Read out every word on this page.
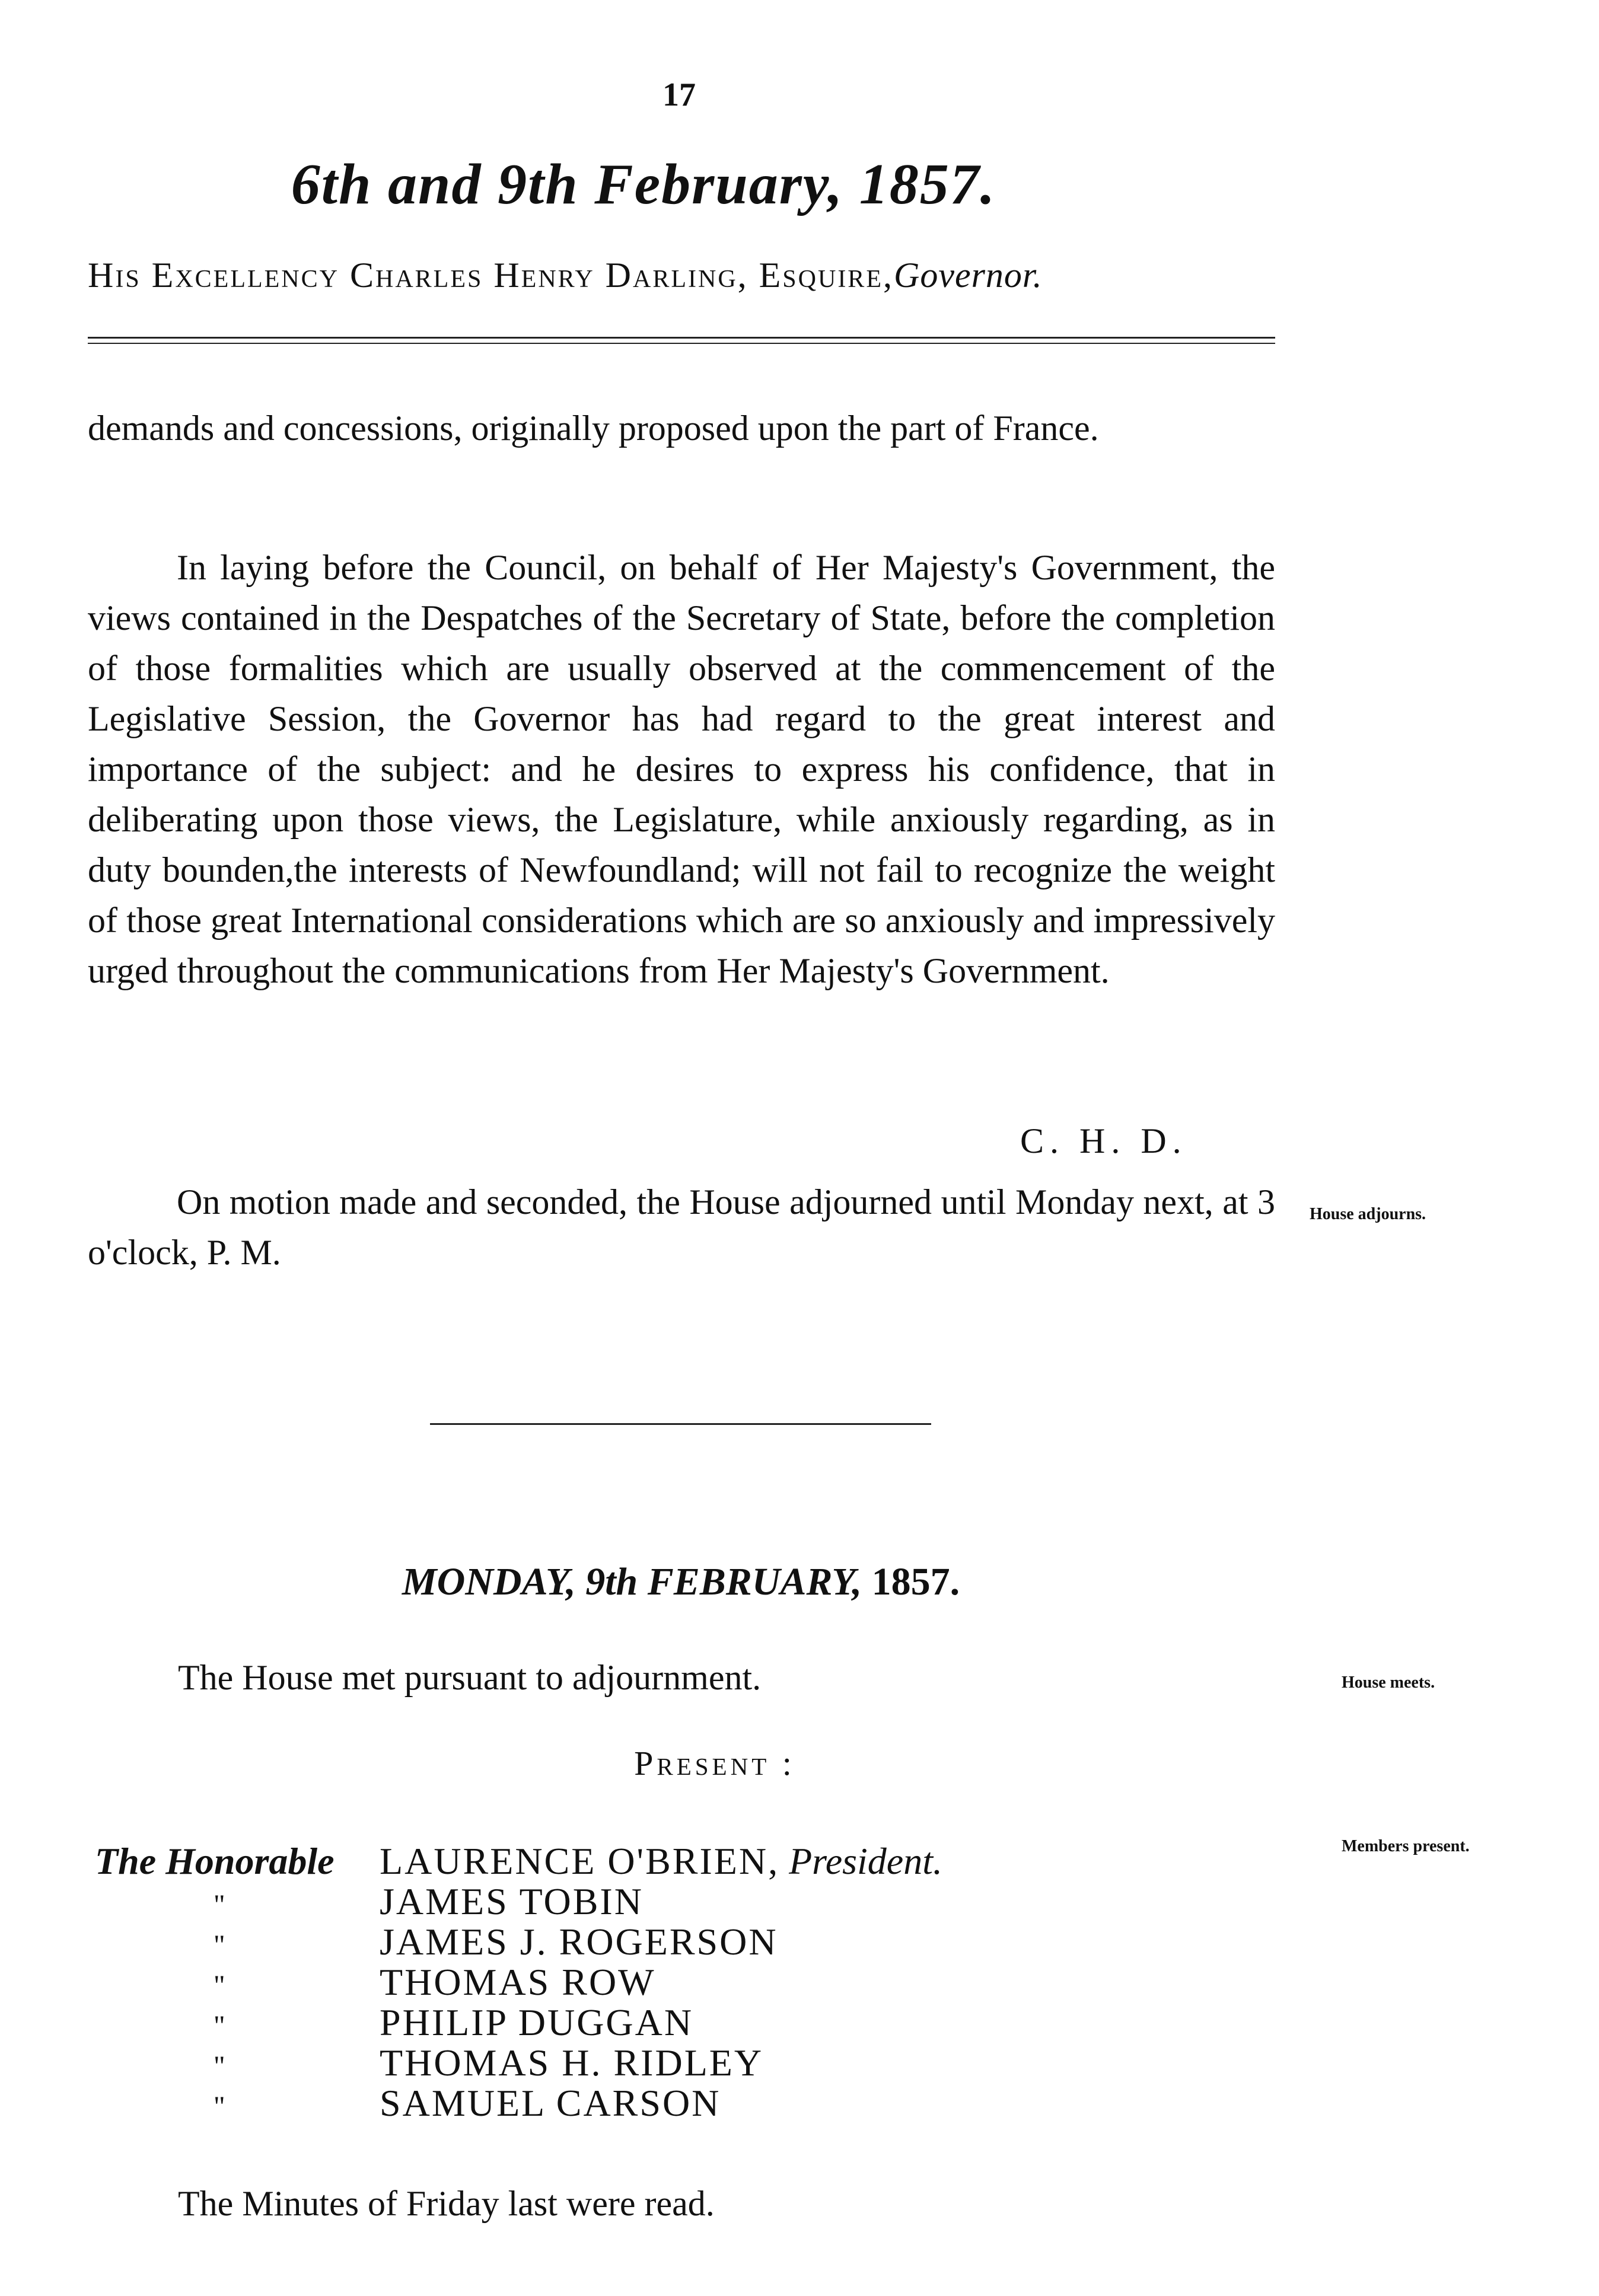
17
6th and 9th February, 1857.
His Excellency Charles Henry Darling, Esquire,Governor.
demands and concessions, originally proposed upon the part of France.
In laying before the Council, on behalf of Her Majesty's Government, the views contained in the Despatches of the Secretary of State, before the completion of those formalities which are usually observed at the commencement of the Legislative Session, the Governor has had regard to the great interest and importance of the subject: and he desires to express his confidence, that in deliberating upon those views, the Legislature, while anxiously regarding, as in duty bounden,the interests of Newfoundland; will not fail to recognize the weight of those great International considerations which are so anxiously and impressively urged throughout the communications from Her Majesty's Government.
C. H. D.
On motion made and seconded, the House adjourned until Monday next, at 3 o'clock, P. M.
House adjourns.
MONDAY, 9th FEBRUARY, 1857.
The House met pursuant to adjournment.	House meets.
Present :
Members present.
The Honorable LAURENCE O'BRIEN, President.
"	JAMES TOBIN
"	JAMES J. ROGERSON
"	THOMAS ROW
"	PHILIP DUGGAN
"	THOMAS H. RIDLEY
"	SAMUEL CARSON
The Minutes of Friday last were read.
